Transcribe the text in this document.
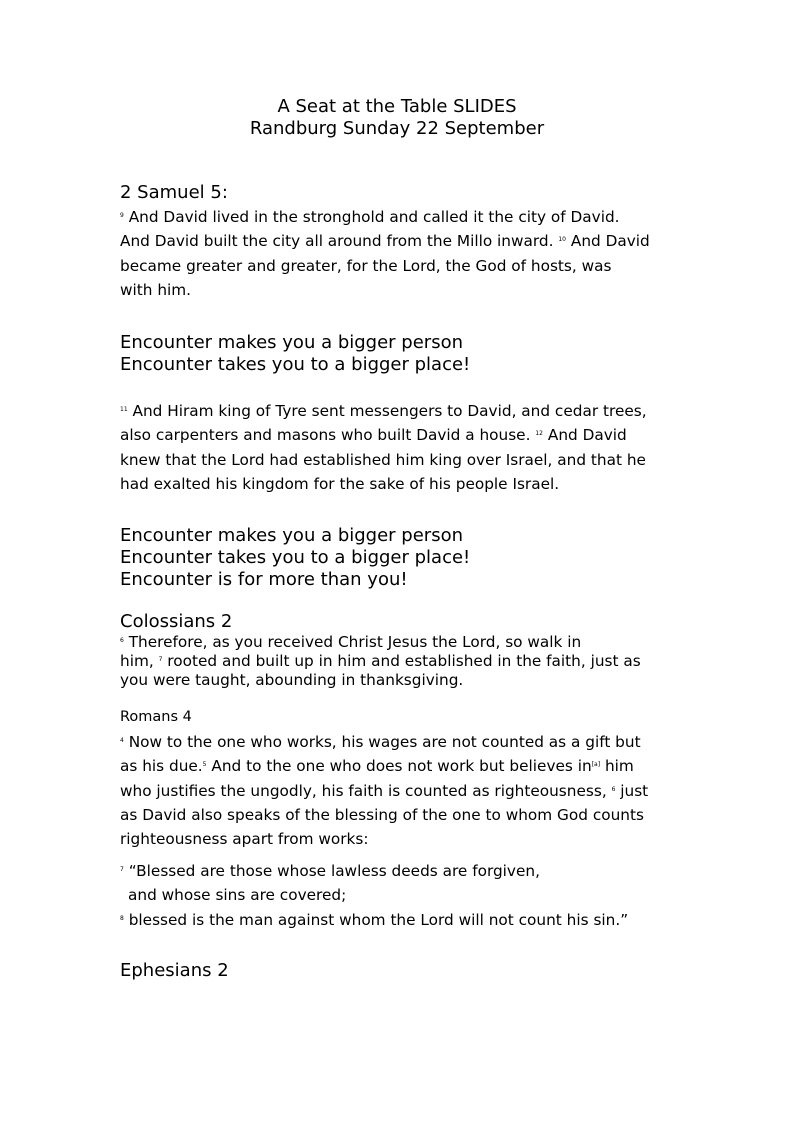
A Seat at the Table SLIDES
Randburg Sunday 22 September
2 Samuel 5:
$^9$ And David lived in the stronghold and called it the city of David.
And David built the city all around from the Millo inward. $^{10}$ And David
became greater and greater, for the Lord, the God of hosts, was
with him.
Encounter makes you a bigger person
Encounter takes you to a bigger place!
$^{11}$ And Hiram king of Tyre sent messengers to David, and cedar trees,
also carpenters and masons who built David a house. $^{12}$ And David
knew that the Lord had established him king over Israel, and that he
had exalted his kingdom for the sake of his people Israel.
Encounter makes you a bigger person
Encounter takes you to a bigger place!
Encounter is for more than you!
Colossians 2
$^6$ Therefore, as you received Christ Jesus the Lord, so walk in
him, $^7$ rooted and built up in him and established in the faith, just as
you were taught, abounding in thanksgiving.
Romans 4
$^4$ Now to the one who works, his wages are not counted as a gift but
as his due.$^5$ And to the one who does not work but believes in[a] him
who justifies the ungodly, his faith is counted as righteousness, $^6$ just
as David also speaks of the blessing of the one to whom God counts
righteousness apart from works:
$^7$ “Blessed are those whose lawless deeds are forgiven,
and whose sins are covered;
$^8$ blessed is the man against whom the Lord will not count his sin.”
Ephesians 2
